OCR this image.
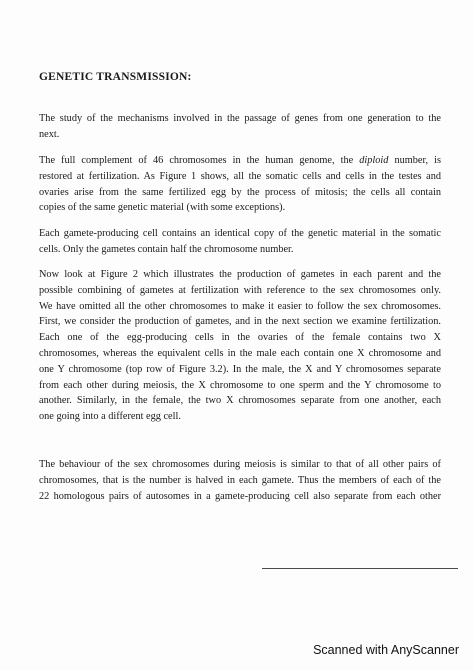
GENETIC TRANSMISSION:

The study of the mechanisms involved in the passage of genes from one generation to the
next.

The full complement of 46 chromosomes in the human genome, the diploid number, is
restored at fertilization. As Figure 1 shows, all the somatic cells and cells in the testes and
ovaries arise from the same fertilized egg by the process of mitosis; the cells all contain
copies of the same genetic material (with some exceptions).

Each gamete-producing cell contains an identical copy of the genetic material in the somatic
cells. Only the gametes contain half the chromosome number.

Now look at Figure 2 which illustrates the production of gametes in each parent and the
possible combining of gametes at fertilization with reference to the sex chromosomes only.
We have omitted all the other chromosomes to make it easier to follow the sex chromosomes.
First, we consider the production of gametes, and in the next section we examine fertilization.
Each one of the egg-producing cells in the ovaries of the female contains two X
chromosomes, whereas the equivalent cells in the male each contain one X chromosome and
one Y chromosome (top row of Figure 3.2). In the male, the X and Y chromosomes separate
from each other during meiosis, the X chromosome to one sperm and the Y chromosome to
another. Similarly, in the female, the two X chromosomes separate from one another, each
one going into a different egg cell.

The behaviour of the sex chromosomes during meiosis is similar to that of all other pairs of
chromosomes, that is the number is halved in each gamete. Thus the members of each of the
22 homologous pairs of autosomes in a gamete-producing cell also separate from each other

Scanned with AnyScanner
